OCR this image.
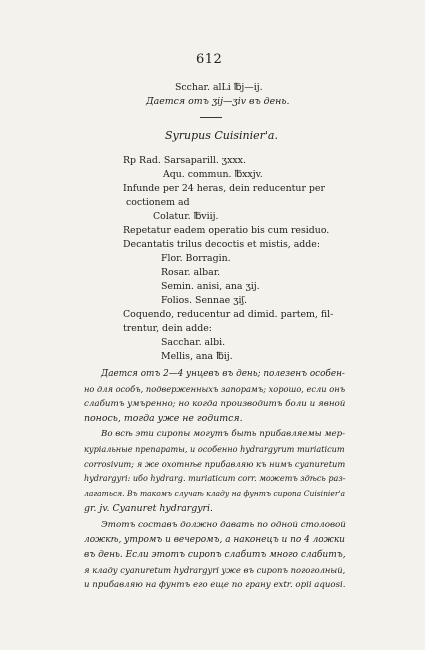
612
Scchar. alLi ℔j—ij.
Дается отъ ʒij—ʒiv въ день.
Syrupus Cuisinier'a.
Rp Rad. Sarsaparill. ʒxxx.
Aqu. commun. ℔xxjv.
Infunde per 24 heras, dein reducentur per
coctionem ad
Colatur. ℔viij.
Repetatur eadem operatio bis cum residuo.
Decantatis trilus decoctis et mistis, adde:
Flor. Borragin.
Rosar. albar.
Semin. anisi, ana ʒij.
Folios. Sennae ʒiʃ.
Coquendo, reducentur ad dimid. partem, fil-
trentur, dein adde:
Sacchar. albi.
Mellis, ana ℔ij.
Дается отъ 2—4 унцевъ въ день; полезенъ особен-
но для особъ, подверженныхъ запорамъ; хорошо, если онъ
слабитъ умъренно; но когда производитъ боли и явной
понось, тогда уже не годится.
Во всѣ эти сиропы могутъ быть прибавляемы мер-
куріальные препараты, и особенно hydrargyrum muriaticum
corrosivum; я же охотнѣе прибавляю къ нимъ cyanuretum
hydrargyri: ибо hydrarg. muriaticum corr. можетъ здѣсь раз-
лагаться. Въ такомъ случаѣ кладу на фунтъ сиропа Cuisinier'a
gr. jv. Cyanuret hydrargyri.
Этотъ составъ должно давать по одной столовой
ложкѣ, утромъ и вечеромъ, а наконецъ и по 4 ложки
въ день. Если этотъ сиропъ слабитъ много слабитъ,
я кладу cyanuretum hydrargyri уже въ сиропъ погоголный,
и прибавляю на фунтъ его еще по грану extr. opii aquosi.
